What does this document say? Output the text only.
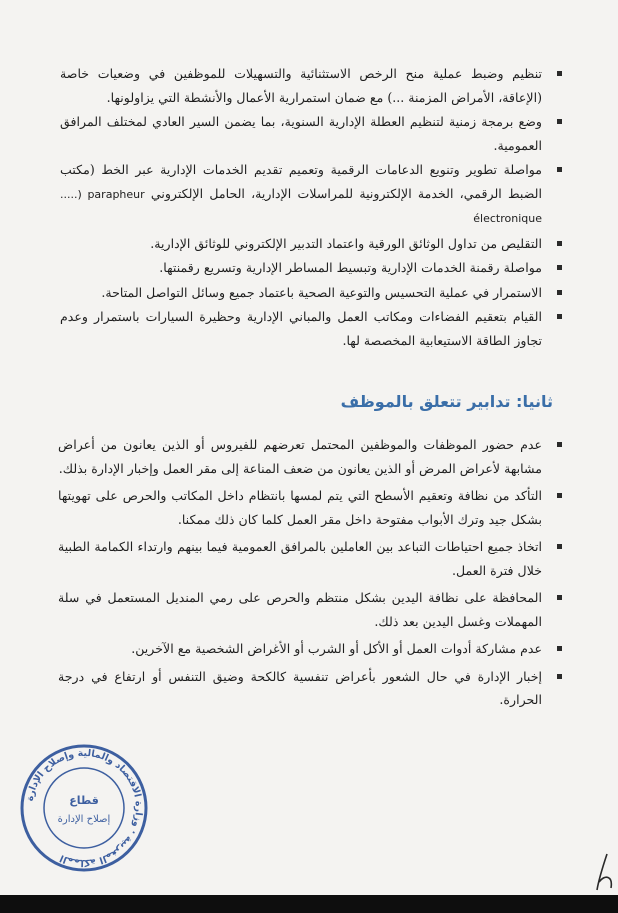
تنظيم وضبط عملية منح الرخص الاستثنائية والتسهيلات للموظفين في وضعيات خاصة (الإعاقة، الأمراض المزمنة ...) مع ضمان استمرارية الأعمال والأنشطة التي يزاولونها.
وضع برمجة زمنية لتنظيم العطلة الإدارية السنوية، بما يضمن السير العادي لمختلف المرافق العمومية.
مواصلة تطوير وتنويع الدعامات الرقمية وتعميم تقديم الخدمات الإدارية عبر الخط (مكتب الضبط الرقمي، الخدمة الإلكترونية للمراسلات الإدارية، الحامل الإلكتروني .....) parapheur électronique
التقليص من تداول الوثائق الورقية واعتماد التدبير الإلكتروني للوثائق الإدارية.
مواصلة رقمنة الخدمات الإدارية وتبسيط المساطر الإدارية وتسريع رقمنتها.
الاستمرار في عملية التحسيس والتوعية الصحية باعتماد جميع وسائل التواصل المتاحة.
القيام بتعقيم الفضاءات ومكاتب العمل والمباني الإدارية وحظيرة السيارات باستمرار وعدم تجاوز الطاقة الاستيعابية المخصصة لها.
ثانيا: تدابير تتعلق بالموظف
عدم حضور الموظفات والموظفين المحتمل تعرضهم للفيروس أو الذين يعانون من أعراض مشابهة لأعراض المرض أو الذين يعانون من ضعف المناعة إلى مقر العمل وإخبار الإدارة بذلك.
التأكد من نظافة وتعقيم الأسطح التي يتم لمسها بانتظام داخل المكاتب والحرص على تهويتها بشكل جيد وترك الأبواب مفتوحة داخل مقر العمل كلما كان ذلك ممكنا.
اتخاذ جميع احتياطات التباعد بين العاملين بالمرافق العمومية فيما بينهم وارتداء الكمامة الطبية خلال فترة العمل.
المحافظة على نظافة اليدين بشكل منتظم والحرص على رمي المنديل المستعمل في سلة المهملات وغسل اليدين بعد ذلك.
عدم مشاركة أدوات العمل أو الأكل أو الشرب أو الأغراض الشخصية مع الآخرين.
إخبار الإدارة في حال الشعور بأعراض تنفسية كالكحة وضيق التنفس أو ارتفاع في درجة الحرارة.
المملكة المغربية · وزارة الاقتصاد والمالية وإصلاح الإدارة
قطاع
إصلاح الإدارة
